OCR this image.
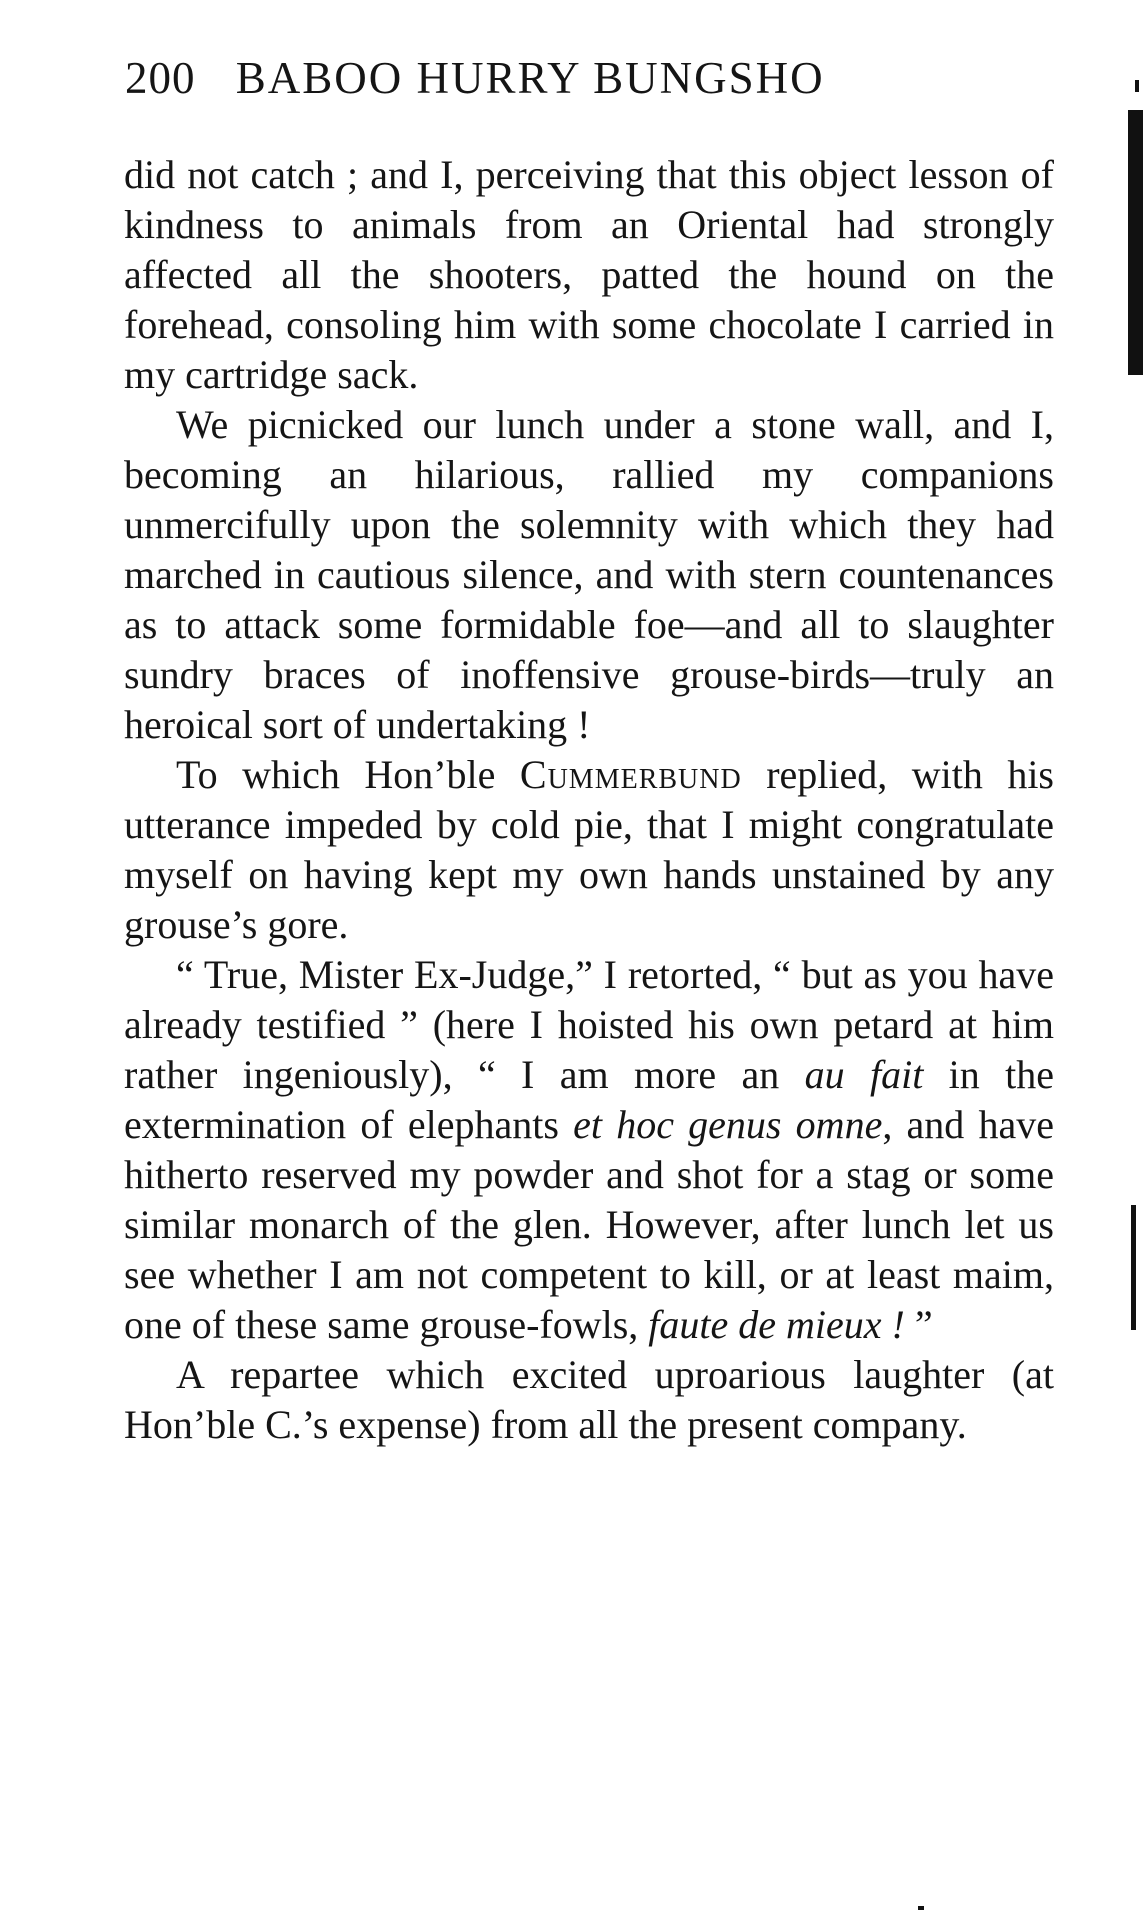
200 BABOO HURRY BUNGSHO

did not catch ; and I, perceiving that this object lesson of kindness to animals from an Oriental had strongly affected all the shooters, patted the hound on the forehead, consoling him with some chocolate I carried in my cartridge sack.

We picnicked our lunch under a stone wall, and I, becoming an hilarious, rallied my companions unmercifully upon the solemnity with which they had marched in cautious silence, and with stern countenances as to attack some formidable foe—and all to slaughter sundry braces of inoffensive grouse-birds—truly an heroical sort of undertaking !

To which Hon’ble Cummerbund replied, with his utterance impeded by cold pie, that I might congratulate myself on having kept my own hands unstained by any grouse’s gore.

“ True, Mister Ex-Judge,” I retorted, “ but as you have already testified ” (here I hoisted his own petard at him rather ingeniously), “ I am more an au fait in the extermination of elephants et hoc genus omne, and have hitherto reserved my powder and shot for a stag or some similar monarch of the glen. However, after lunch let us see whether I am not competent to kill, or at least maim, one of these same grouse-fowls, faute de mieux ! ”

A repartee which excited uproarious laughter (at Hon’ble C.’s expense) from all the present company.
